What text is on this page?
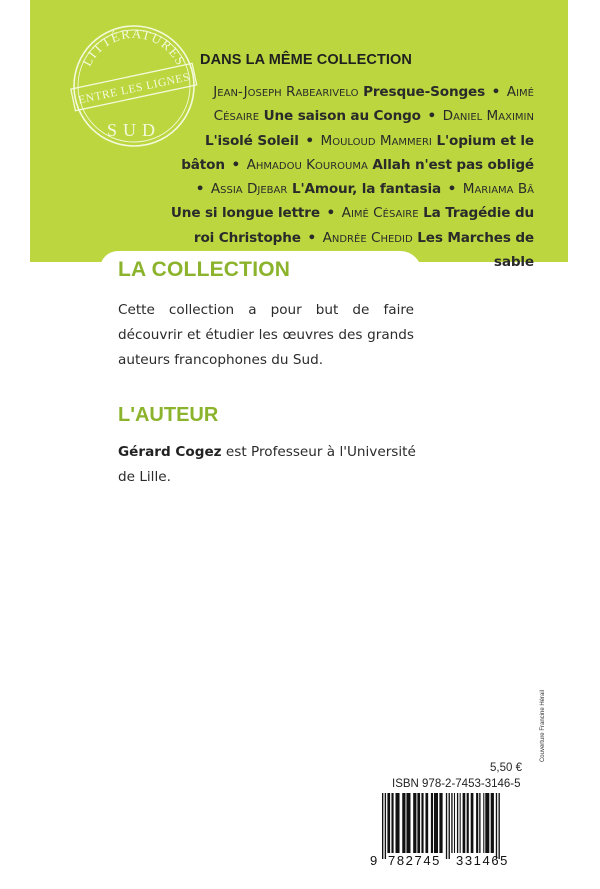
LITTÉRATURES
ENTRE LES LIGNES
SUD
DANS LA MÊME COLLECTION
Jean-Joseph Rabearivelo Presque-Songes • Aimé Césaire Une saison au Congo • Daniel Maximin L'isolé Soleil • Mouloud Mammeri L'opium et le bâton • Ahmadou Kourouma Allah n'est pas obligé • Assia Djebar L'Amour, la fantasia • Mariama Bâ Une si longue lettre • Aimé Césaire La Tragédie du roi Christophe • Andrée Chedid Les Marches de sable
LA COLLECTION
Cette collection a pour but de faire découvrir et étudier les œuvres des grands auteurs francophones du Sud.
L'AUTEUR
Gérard Cogez est Professeur à l'Université de Lille.
Couverture Francine Hérail
5,50 €
ISBN 978-2-7453-3146-5
9 782745 331465
